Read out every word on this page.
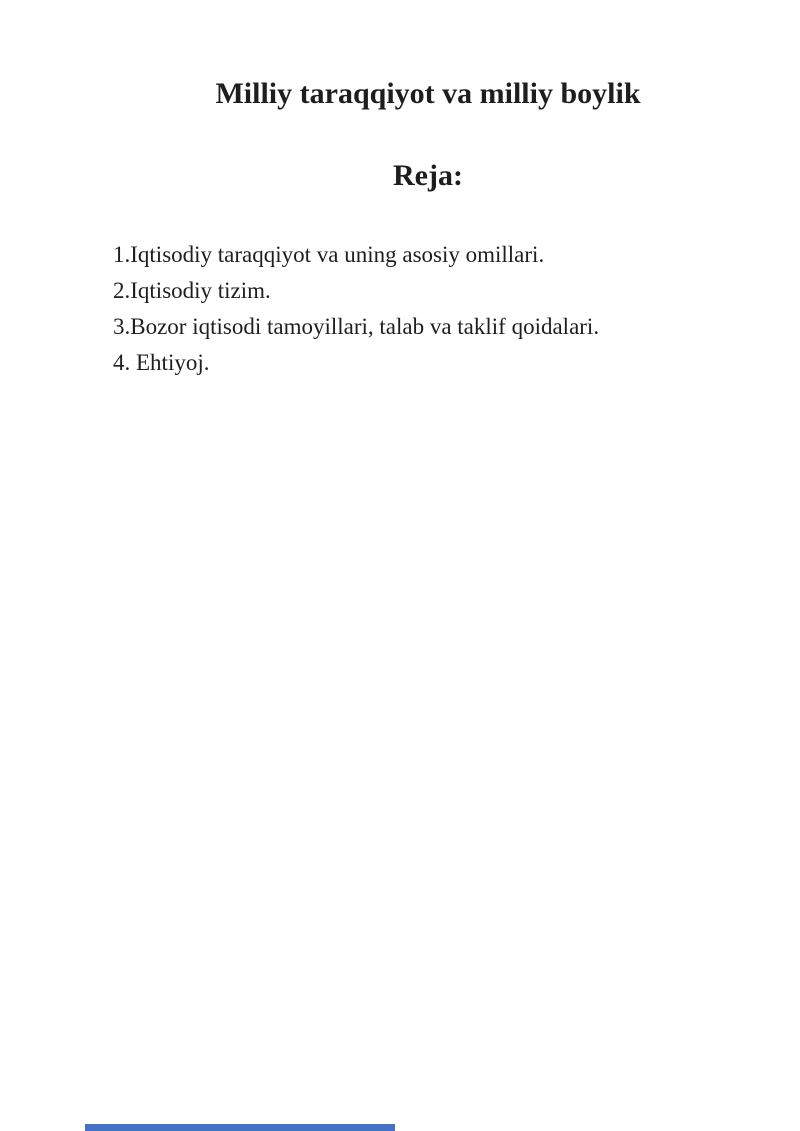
Milliy taraqqiyot va milliy boylik
Reja:

1.Iqtisodiy taraqqiyot va uning asosiy omillari.

2.Iqtisodiy tizim.

3.Bozor iqtisodi tamoyillari, talab va taklif qoidalari.

4. Ehtiyoj.
